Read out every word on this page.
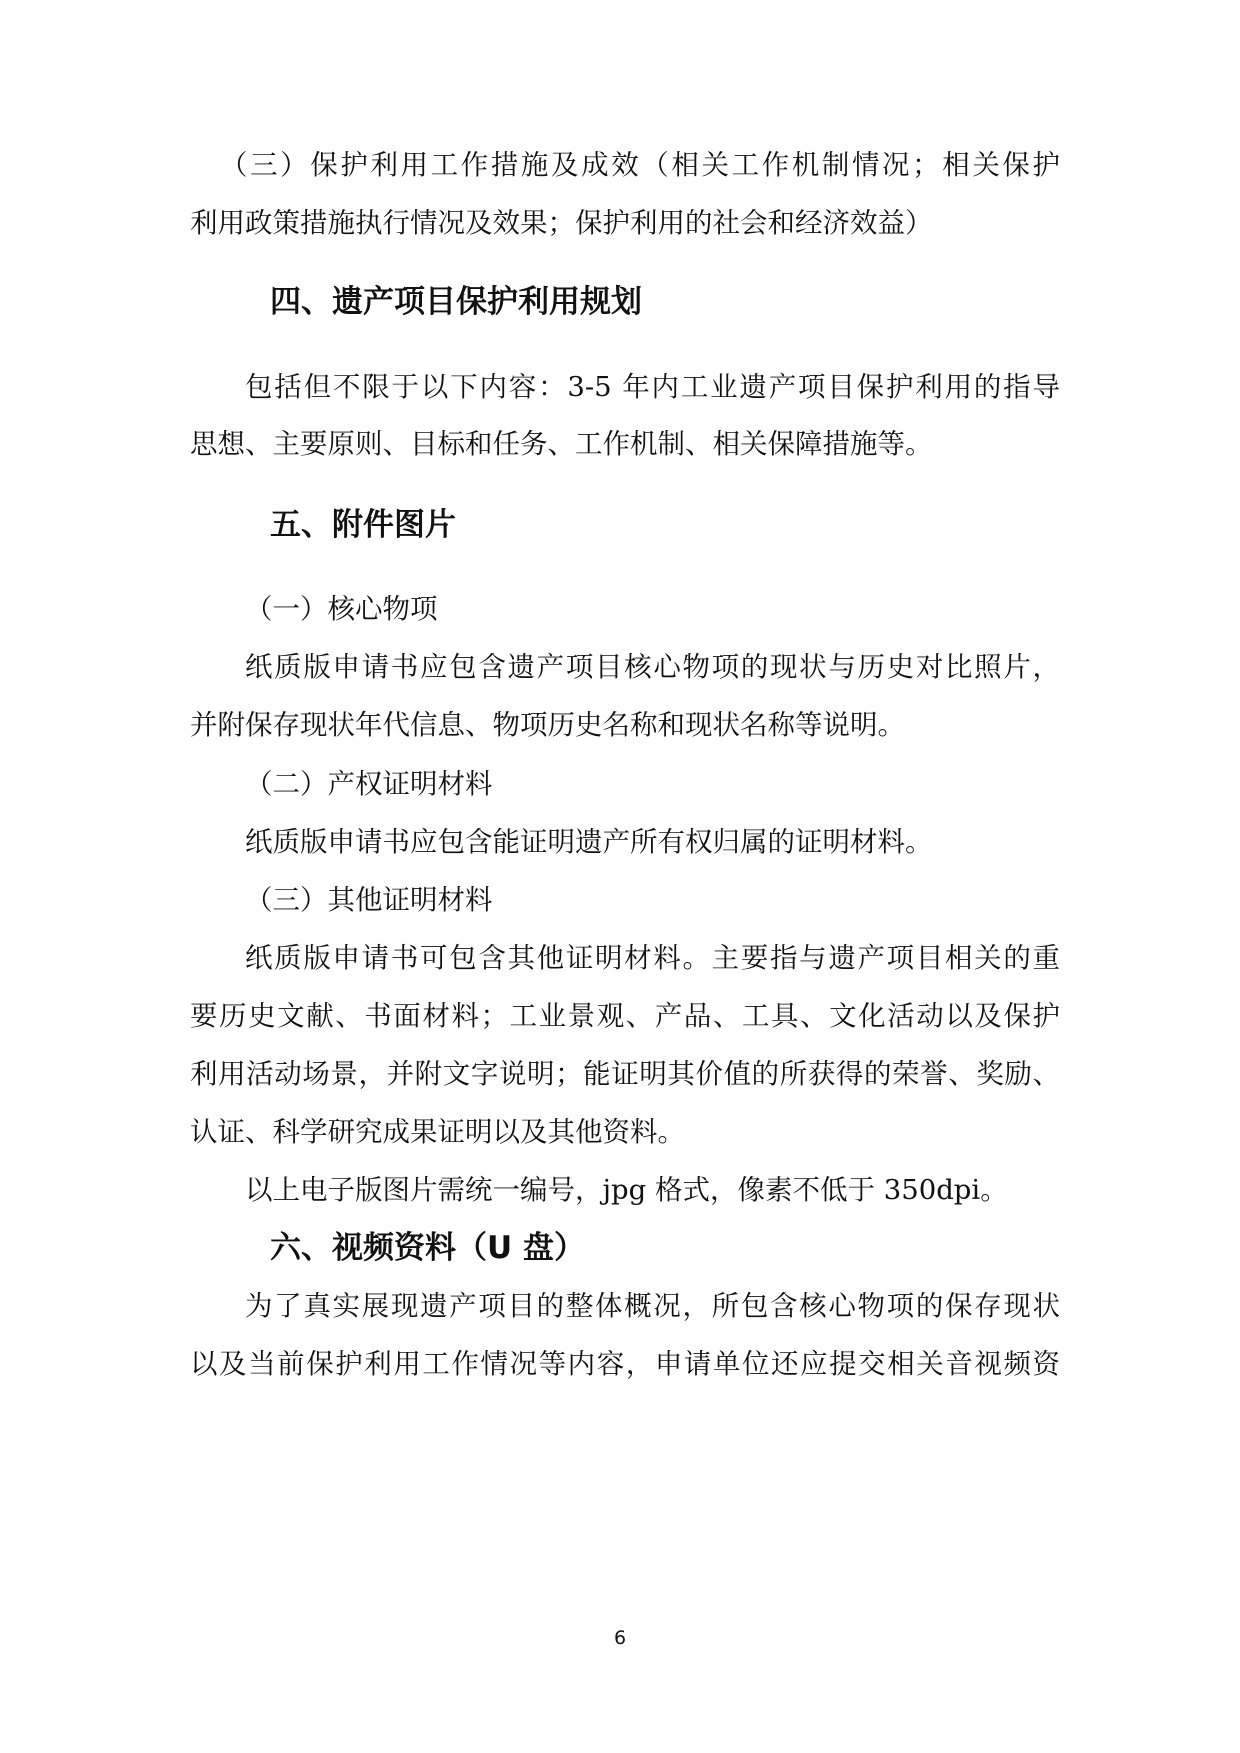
（三）保护利用工作措施及成效（相关工作机制情况；相关保护
利用政策措施执行情况及效果；保护利用的社会和经济效益）
四、遗产项目保护利用规划
包括但不限于以下内容：3-5 年内工业遗产项目保护利用的指导
思想、主要原则、目标和任务、工作机制、相关保障措施等。
五、附件图片
（一）核心物项
纸质版申请书应包含遗产项目核心物项的现状与历史对比照片，
并附保存现状年代信息、物项历史名称和现状名称等说明。
（二）产权证明材料
纸质版申请书应包含能证明遗产所有权归属的证明材料。
（三）其他证明材料
纸质版申请书可包含其他证明材料。主要指与遗产项目相关的重
要历史文献、书面材料；工业景观、产品、工具、文化活动以及保护
利用活动场景，并附文字说明；能证明其价值的所获得的荣誉、奖励、
认证、科学研究成果证明以及其他资料。
以上电子版图片需统一编号，jpg 格式，像素不低于 350dpi。
六、视频资料（U 盘）
为了真实展现遗产项目的整体概况，所包含核心物项的保存现状
以及当前保护利用工作情况等内容，申请单位还应提交相关音视频资
6
